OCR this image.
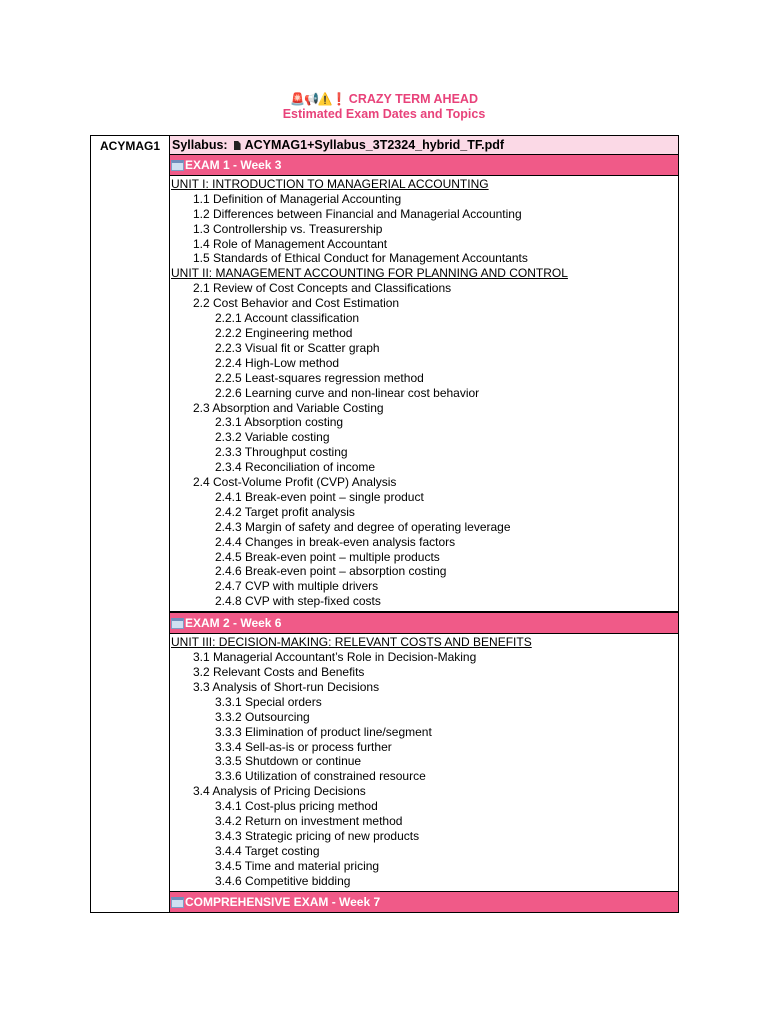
🚨📢⚠️❗ CRAZY TERM AHEAD
Estimated Exam Dates and Topics
ACYMAG1	Syllabus: ACYMAG1+Syllabus_3T2324_hybrid_TF.pdf
EXAM 1 - Week 3

UNIT I: INTRODUCTION TO MANAGERIAL ACCOUNTING
1.1 Definition of Managerial Accounting
1.2 Differences between Financial and Managerial Accounting
1.3 Controllership vs. Treasurership
1.4 Role of Management Accountant
1.5 Standards of Ethical Conduct for Management Accountants
UNIT II: MANAGEMENT ACCOUNTING FOR PLANNING AND CONTROL
2.1 Review of Cost Concepts and Classifications
2.2 Cost Behavior and Cost Estimation
2.2.1 Account classification
2.2.2 Engineering method
2.2.3 Visual fit or Scatter graph
2.2.4 High-Low method
2.2.5 Least-squares regression method
2.2.6 Learning curve and non-linear cost behavior
2.3 Absorption and Variable Costing
2.3.1 Absorption costing
2.3.2 Variable costing
2.3.3 Throughput costing
2.3.4 Reconciliation of income
2.4 Cost-Volume Profit (CVP) Analysis
2.4.1 Break-even point – single product
2.4.2 Target profit analysis
2.4.3 Margin of safety and degree of operating leverage
2.4.4 Changes in break-even analysis factors
2.4.5 Break-even point – multiple products
2.4.6 Break-even point – absorption costing
2.4.7 CVP with multiple drivers
2.4.8 CVP with step-fixed costs

EXAM 2 - Week 6

UNIT III: DECISION-MAKING: RELEVANT COSTS AND BENEFITS
3.1 Managerial Accountant’s Role in Decision-Making
3.2 Relevant Costs and Benefits
3.3 Analysis of Short-run Decisions
3.3.1 Special orders
3.3.2 Outsourcing
3.3.3 Elimination of product line/segment
3.3.4 Sell-as-is or process further
3.3.5 Shutdown or continue
3.3.6 Utilization of constrained resource
3.4 Analysis of Pricing Decisions
3.4.1 Cost-plus pricing method
3.4.2 Return on investment method
3.4.3 Strategic pricing of new products
3.4.4 Target costing
3.4.5 Time and material pricing
3.4.6 Competitive bidding

COMPREHENSIVE EXAM - Week 7
